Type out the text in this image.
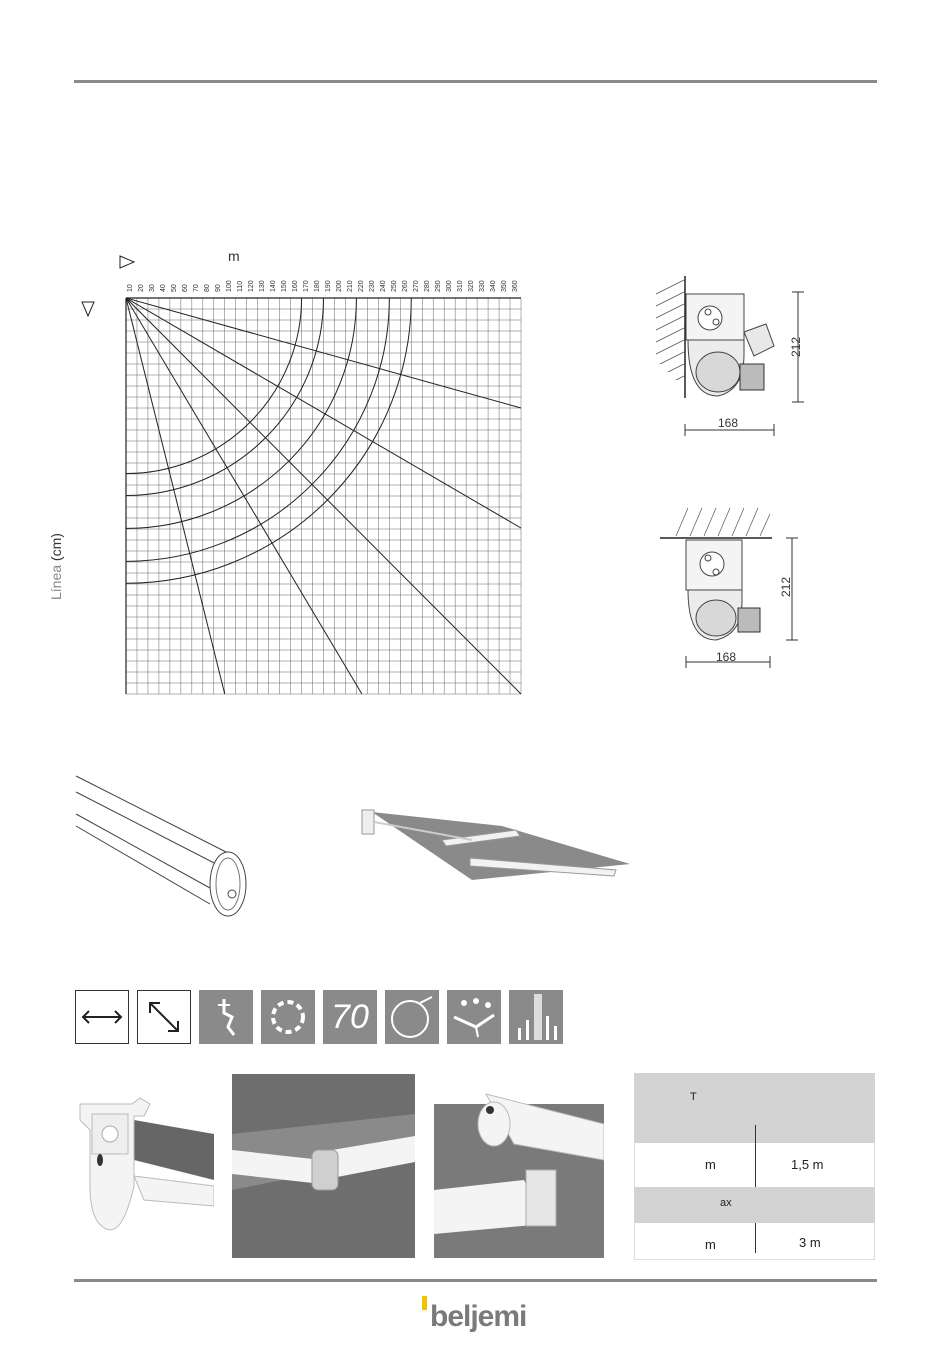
m
Línea (cm)
10 20 30 40 50 60 70 80 90 100 110 120 130 140 150 160 170 180 190 200 210 220 230 240 250 260 270 280 290 300 310 320 330 340 350 360
212
168
212
168
70
T
m	1,5 m
ax
m	3 m
beljemi
